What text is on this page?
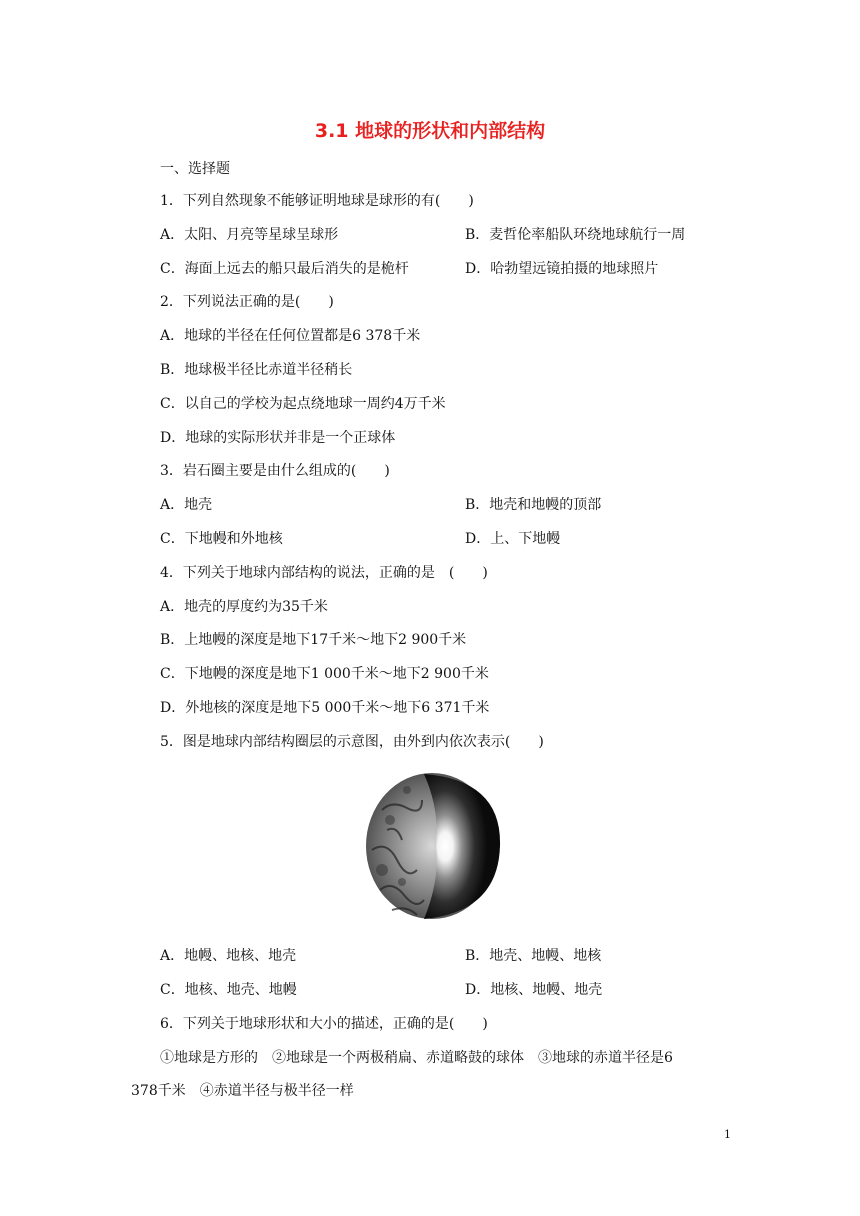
3.1 地球的形状和内部结构
一、选择题
1．下列自然现象不能够证明地球是球形的有(　　)
A．太阳、月亮等星球呈球形	B．麦哲伦率船队环绕地球航行一周
C．海面上远去的船只最后消失的是桅杆	D．哈勃望远镜拍摄的地球照片
2．下列说法正确的是(　　)
A．地球的半径在任何位置都是6 378千米
B．地球极半径比赤道半径稍长
C．以自己的学校为起点绕地球一周约4万千米
D．地球的实际形状并非是一个正球体
3．岩石圈主要是由什么组成的(　　)
A．地壳	B．地壳和地幔的顶部
C．下地幔和外地核	D．上、下地幔
4．下列关于地球内部结构的说法，正确的是　(　　)
A．地壳的厚度约为35千米
B．上地幔的深度是地下17千米～地下2 900千米
C．下地幔的深度是地下1 000千米～地下2 900千米
D．外地核的深度是地下5 000千米～地下6 371千米
5．图是地球内部结构圈层的示意图，由外到内依次表示(　　)
A．地幔、地核、地壳	B．地壳、地幔、地核
C．地核、地壳、地幔	D．地核、地幔、地壳
6．下列关于地球形状和大小的描述，正确的是(　　)
①地球是方形的　②地球是一个两极稍扁、赤道略鼓的球体　③地球的赤道半径是6
378千米　④赤道半径与极半径一样
1
